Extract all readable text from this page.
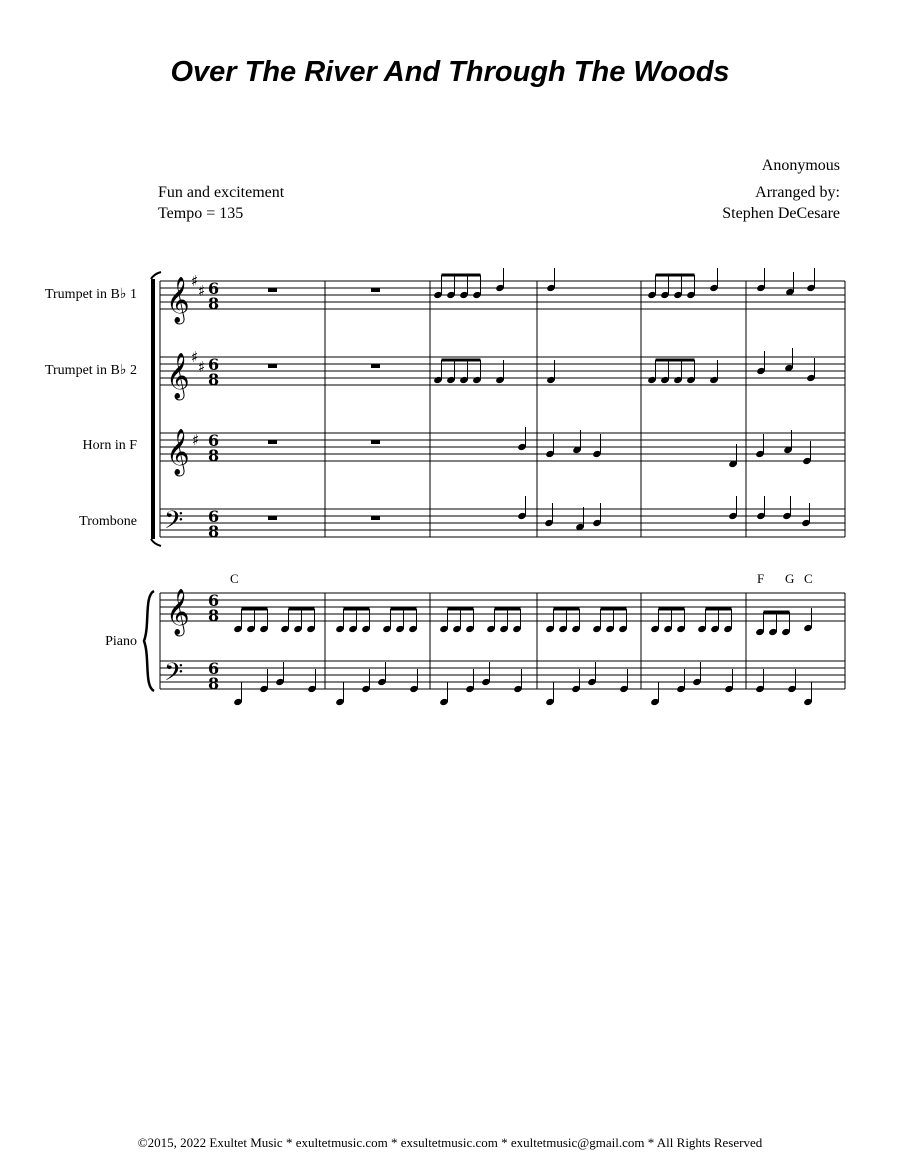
Over The River And Through The Woods
Anonymous
Arranged by:
Stephen DeCesare
Fun and excitement
Tempo = 135
Trumpet in B♭ 1
Trumpet in B♭ 2
Horn in F
Trombone
Piano
𝄞
𝄞
𝄞
𝄞
𝄢
𝄢
♯
♯
♯
♯
♯
6
8
6
8
6
8
6
8
6
8
6
8
C	F G C
©2015, 2022 Exultet Music * exultetmusic.com * exsultetmusic.com * exultetmusic@gmail.com * All Rights Reserved
